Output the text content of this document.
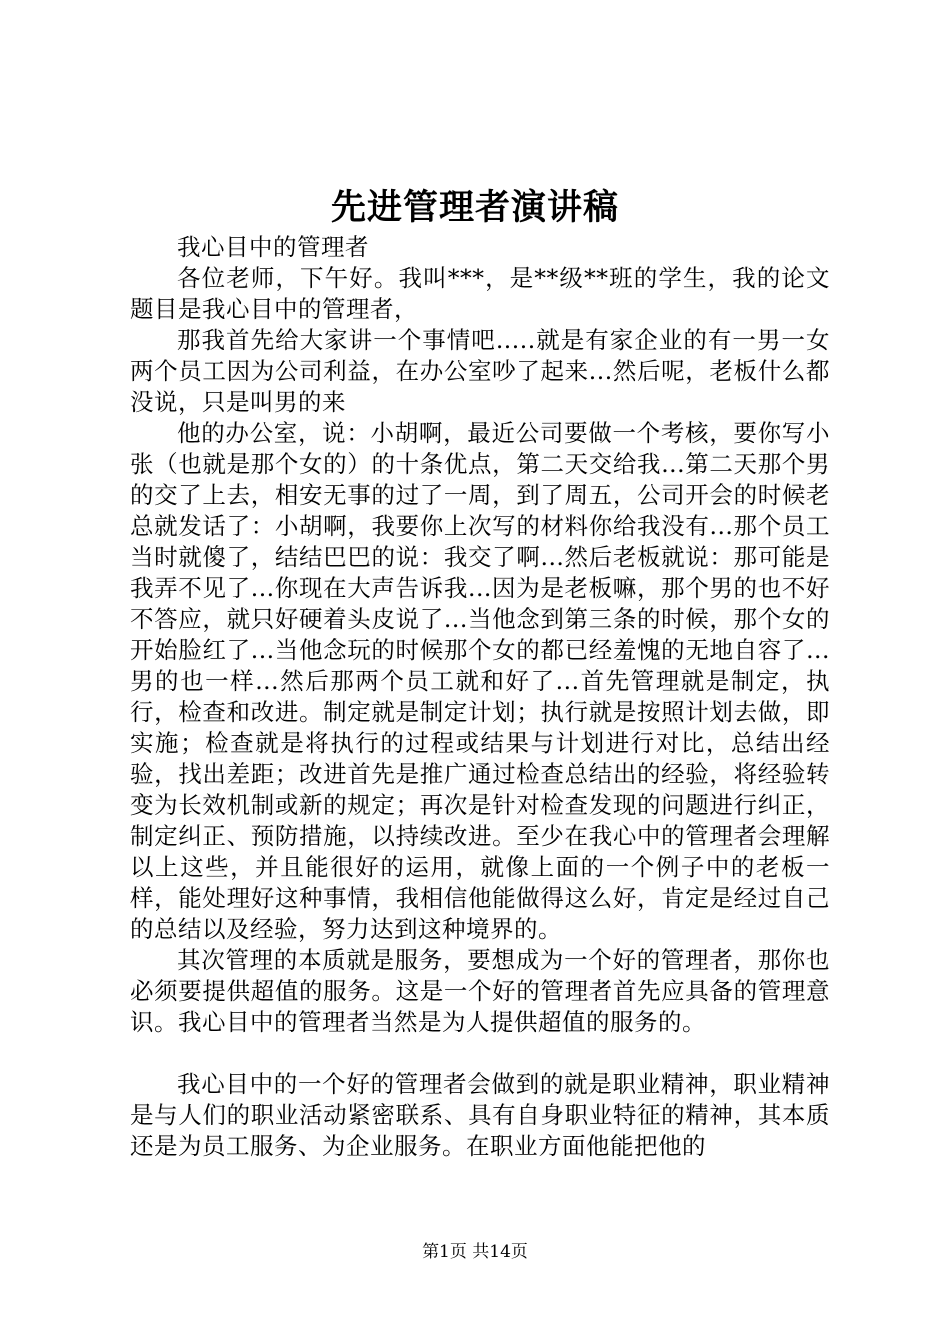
先进管理者演讲稿

我心目中的管理者

各位老师，下午好。我叫***，是**级**班的学生，我的论文题目是我心目中的管理者，

那我首先给大家讲一个事情吧.....就是有家企业的有一男一女两个员工因为公司利益，在办公室吵了起来...然后呢，老板什么都没说，只是叫男的来

他的办公室，说：小胡啊，最近公司要做一个考核，要你写小张（也就是那个女的）的十条优点，第二天交给我...第二天那个男的交了上去，相安无事的过了一周，到了周五，公司开会的时候老总就发话了：小胡啊，我要你上次写的材料你给我没有...那个员工当时就傻了，结结巴巴的说：我交了啊...然后老板就说：那可能是我弄不见了...你现在大声告诉我...因为是老板嘛，那个男的也不好不答应，就只好硬着头皮说了...当他念到第三条的时候，那个女的开始脸红了...当他念玩的时候那个女的都已经羞愧的无地自容了...男的也一样...然后那两个员工就和好了...首先管理就是制定，执行，检查和改进。制定就是制定计划；执行就是按照计划去做，即实施；检查就是将执行的过程或结果与计划进行对比，总结出经验，找出差距；改进首先是推广通过检查总结出的经验，将经验转变为长效机制或新的规定；再次是针对检查发现的问题进行纠正，制定纠正、预防措施，以持续改进。至少在我心中的管理者会理解以上这些，并且能很好的运用，就像上面的一个例子中的老板一样，能处理好这种事情，我相信他能做得这么好，肯定是经过自己的总结以及经验，努力达到这种境界的。

其次管理的本质就是服务，要想成为一个好的管理者，那你也必须要提供超值的服务。这是一个好的管理者首先应具备的管理意识。我心目中的管理者当然是为人提供超值的服务的。

我心目中的一个好的管理者会做到的就是职业精神，职业精神是与人们的职业活动紧密联系、具有自身职业特征的精神，其本质还是为员工服务、为企业服务。在职业方面他能把他的

第1页 共14页
